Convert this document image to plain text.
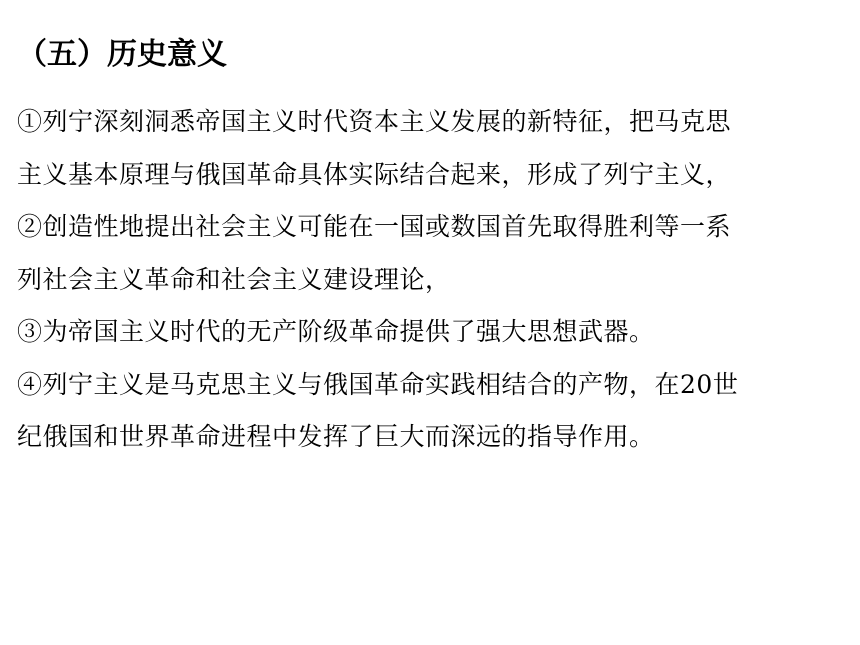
（五）历史意义
①列宁深刻洞悉帝国主义时代资本主义发展的新特征，把马克思
主义基本原理与俄国革命具体实际结合起来，形成了列宁主义，
②创造性地提出社会主义可能在一国或数国首先取得胜利等一系
列社会主义革命和社会主义建设理论，
③为帝国主义时代的无产阶级革命提供了强大思想武器。
④列宁主义是马克思主义与俄国革命实践相结合的产物，在20世
纪俄国和世界革命进程中发挥了巨大而深远的指导作用。
